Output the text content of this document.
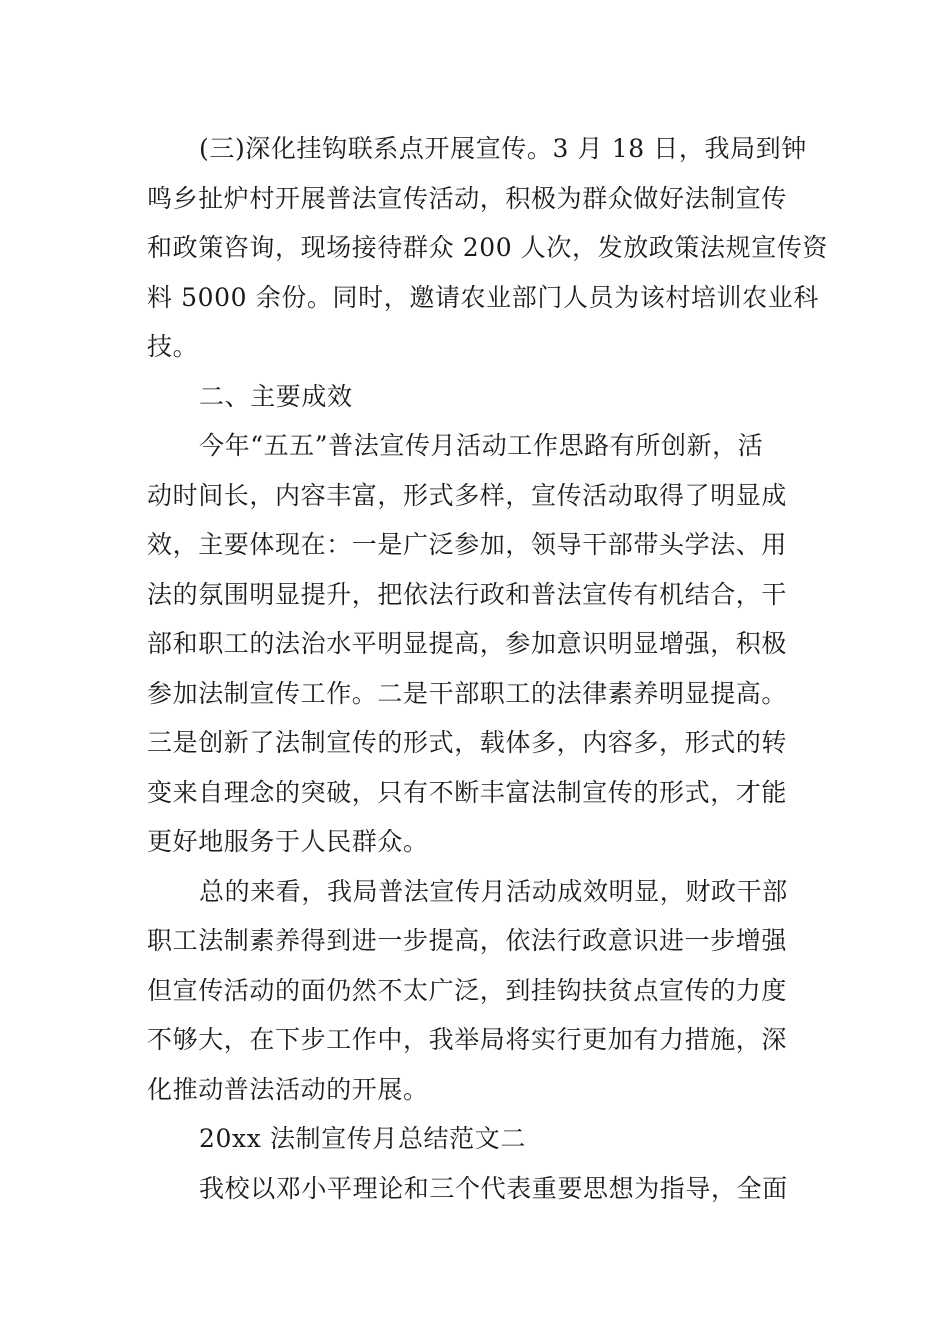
(三)深化挂钩联系点开展宣传。3 月 18 日，我局到钟
鸣乡扯炉村开展普法宣传活动，积极为群众做好法制宣传
和政策咨询，现场接待群众 200 人次，发放政策法规宣传资
料 5000 余份。同时，邀请农业部门人员为该村培训农业科
技。
二、主要成效
今年“五五”普法宣传月活动工作思路有所创新，活
动时间长，内容丰富，形式多样，宣传活动取得了明显成
效，主要体现在：一是广泛参加，领导干部带头学法、用
法的氛围明显提升，把依法行政和普法宣传有机结合，干
部和职工的法治水平明显提高，参加意识明显增强，积极
参加法制宣传工作。二是干部职工的法律素养明显提高。
三是创新了法制宣传的形式，载体多，内容多，形式的转
变来自理念的突破，只有不断丰富法制宣传的形式，才能
更好地服务于人民群众。
总的来看，我局普法宣传月活动成效明显，财政干部
职工法制素养得到进一步提高，依法行政意识进一步增强
但宣传活动的面仍然不太广泛，到挂钩扶贫点宣传的力度
不够大，在下步工作中，我举局将实行更加有力措施，深
化推动普法活动的开展。
20xx 法制宣传月总结范文二
我校以邓小平理论和三个代表重要思想为指导，全面
